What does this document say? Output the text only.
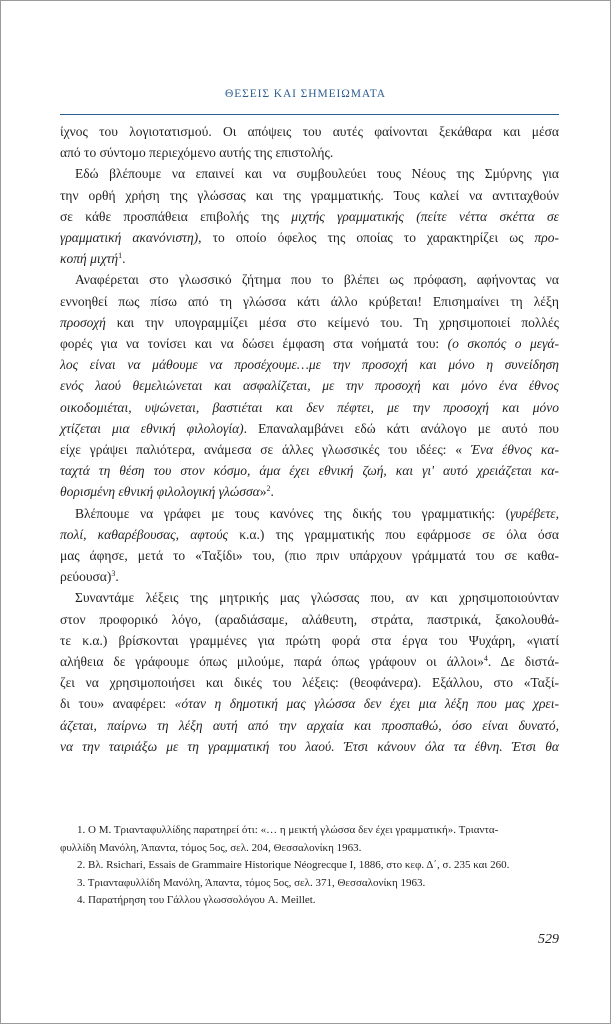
ΘΕΣΕΙΣ ΚΑΙ ΣΗΜΕΙΩΜΑΤΑ
ίχνος του λογιοτατισμού. Οι απόψεις του αυτές φαίνονται ξεκάθαρα και μέσα
από το σύντομο περιεχόμενο αυτής της επιστολής.
Εδώ βλέπουμε να επαινεί και να συμβουλεύει τους Νέους της Σμύρνης για
την ορθή χρήση της γλώσσας και της γραμματικής. Τους καλεί να αντιταχθούν
σε κάθε προσπάθεια επιβολής της μιχτής γραμματικής (πείτε νέττα σκέττα σε
γραμματική ακανόνιστη), το οποίο όφελος της οποίας το χαρακτηρίζει ως προ-
κοπή μιχτή$^1$.
Αναφέρεται στο γλωσσικό ζήτημα που το βλέπει ως πρόφαση, αφήνοντας να
εννοηθεί πως πίσω από τη γλώσσα κάτι άλλο κρύβεται! Επισημαίνει τη λέξη
προσοχή και την υπογραμμίζει μέσα στο κείμενό του. Τη χρησιμοποιεί πολλές
φορές για να τονίσει και να δώσει έμφαση στα νοήματά του: (ο σκοπός ο μεγά-
λος είναι να μάθουμε να προσέχουμε…με την προσοχή και μόνο η συνείδηση
ενός λαού θεμελιώνεται και ασφαλίζεται, με την προσοχή και μόνο ένα έθνος
οικοδομιέται, υψώνεται, βαστιέται και δεν πέφτει, με την προσοχή και μόνο
χτίζεται μια εθνική φιλολογία). Επαναλαμβάνει εδώ κάτι ανάλογο με αυτό που
είχε γράψει παλιότερα, ανάμεσα σε άλλες γλωσσικές του ιδέες: « Ένα έθνος κα-
ταχτά τη θέση του στον κόσμο, άμα έχει εθνική ζωή, και γι' αυτό χρειάζεται κα-
θορισμένη εθνική φιλολογική γλώσσα»$^2$.
Βλέπουμε να γράφει με τους κανόνες της δικής του γραμματικής: (γυρέβετε,
πολί, καθαρέβουσας, αφτούς κ.α.) της γραμματικής που εφάρμοσε σε όλα όσα
μας άφησε, μετά το «Ταξίδι» του, (πιο πριν υπάρχουν γράμματά του σε καθα-
ρεύουσα)$^3$.
Συναντάμε λέξεις της μητρικής μας γλώσσας που, αν και χρησιμοποιούνταν
στον προφορικό λόγο, (αραδιάσαμε, αλάθευτη, στράτα, παστρικά, ξακολουθά-
τε κ.α.) βρίσκονται γραμμένες για πρώτη φορά στα έργα του Ψυχάρη, «γιατί
αλήθεια δε γράφουμε όπως μιλούμε, παρά όπως γράφουν οι άλλοι»$^4$. Δε διστά-
ζει να χρησιμοποιήσει και δικές του λέξεις: (θεοφάνερα). Εξάλλου, στο «Ταξί-
δι του» αναφέρει: «όταν η δημοτική μας γλώσσα δεν έχει μια λέξη που μας χρει-
άζεται, παίρνω τη λέξη αυτή από την αρχαία και προσπαθώ, όσο είναι δυνατό,
να την ταιριάξω με τη γραμματική του λαού. Έτσι κάνουν όλα τα έθνη. Έτσι θα
1. Ο Μ. Τριανταφυλλίδης παρατηρεί ότι: «… η μεικτή γλώσσα δεν έχει γραμματική». Τριαντα-
φυλλίδη Μανόλη, Άπαντα, τόμος 5ος, σελ. 204, Θεσσαλονίκη 1963.
2. Βλ. Rsichari, Essais de Grammaire Historique Néogrecque I, 1886, στο κεφ. Δ΄, σ. 235 και 260.
3. Τριανταφυλλίδη Μανόλη, Άπαντα, τόμος 5ος, σελ. 371, Θεσσαλονίκη 1963.
4. Παρατήρηση του Γάλλου γλωσσολόγου A. Meillet.
529
